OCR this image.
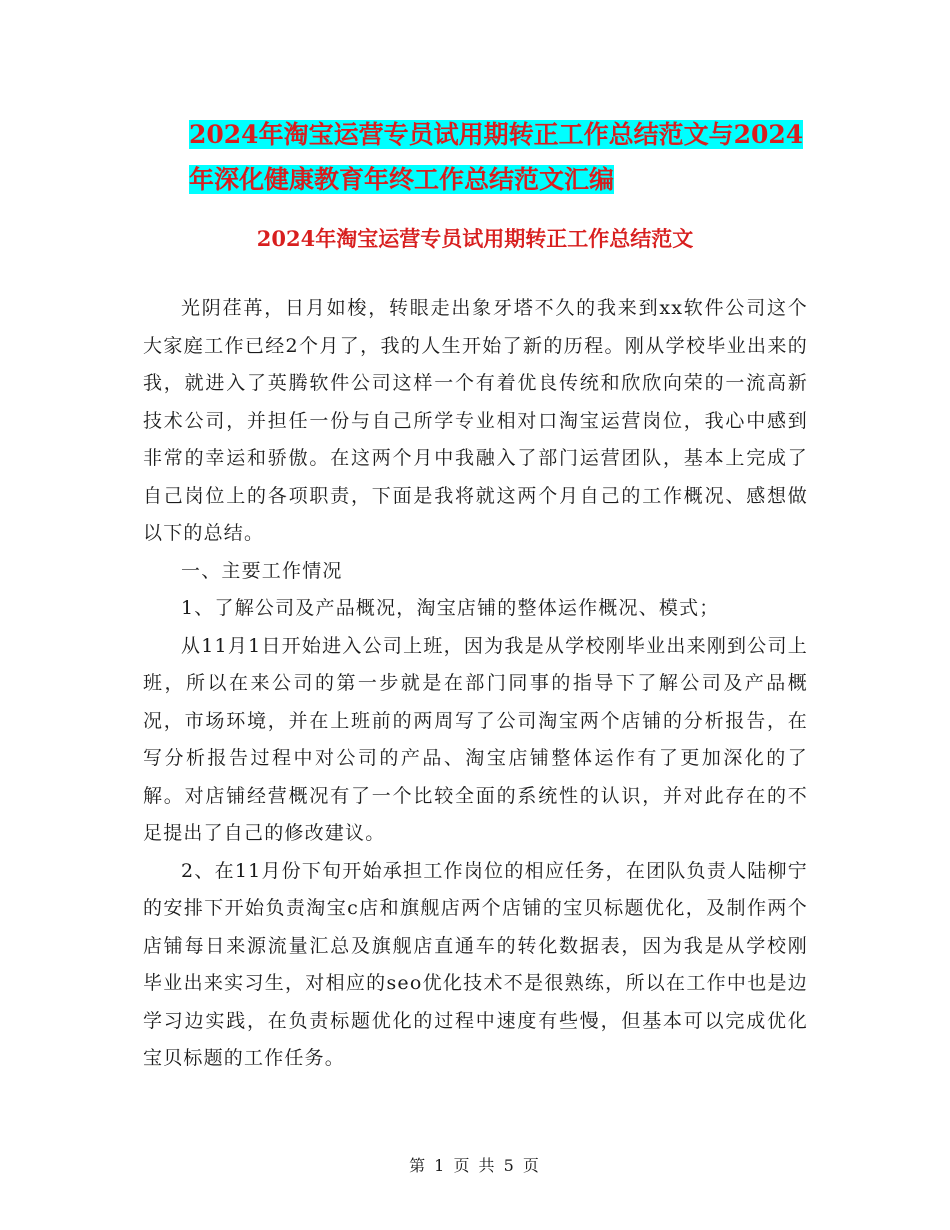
2024年淘宝运营专员试用期转正工作总结范文与2024
年深化健康教育年终工作总结范文汇编
2024年淘宝运营专员试用期转正工作总结范文

光阴荏苒，日月如梭，转眼走出象牙塔不久的我来到xx软件公司这个大家庭工作已经2个月了，我的人生开始了新的历程。刚从学校毕业出来的我，就进入了英腾软件公司这样一个有着优良传统和欣欣向荣的一流高新技术公司，并担任一份与自己所学专业相对口淘宝运营岗位，我心中感到非常的幸运和骄傲。在这两个月中我融入了部门运营团队，基本上完成了自己岗位上的各项职责，下面是我将就这两个月自己的工作概况、感想做以下的总结。

一、主要工作情况

1、了解公司及产品概况，淘宝店铺的整体运作概况、模式；

从11月1日开始进入公司上班，因为我是从学校刚毕业出来刚到公司上班，所以在来公司的第一步就是在部门同事的指导下了解公司及产品概况，市场环境，并在上班前的两周写了公司淘宝两个店铺的分析报告，在写分析报告过程中对公司的产品、淘宝店铺整体运作有了更加深化的了解。对店铺经营概况有了一个比较全面的系统性的认识，并对此存在的不足提出了自己的修改建议。

2、在11月份下旬开始承担工作岗位的相应任务，在团队负责人陆柳宁的安排下开始负责淘宝c店和旗舰店两个店铺的宝贝标题优化，及制作两个店铺每日来源流量汇总及旗舰店直通车的转化数据表，因为我是从学校刚毕业出来实习生，对相应的seo优化技术不是很熟练，所以在工作中也是边学习边实践，在负责标题优化的过程中速度有些慢，但基本可以完成优化宝贝标题的工作任务。

第 1 页 共 5 页
